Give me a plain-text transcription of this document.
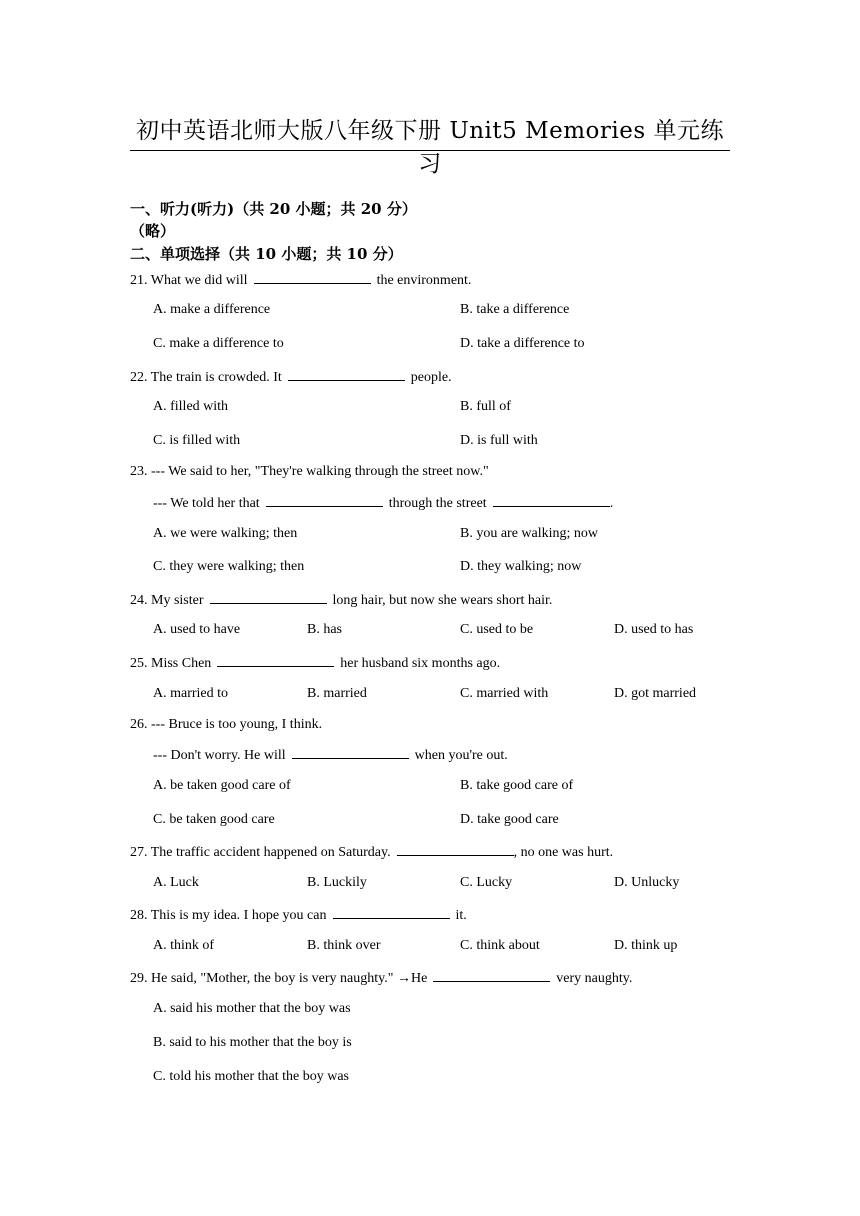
初中英语北师大版八年级下册 Unit5 Memories 单元练习
一、听力(听力)（共 20 小题；共 20 分）
（略）
二、单项选择（共 10 小题；共 10 分）
21. What we did will	the environment.
A. make a difference	B. take a difference
C. make a difference to	D. take a difference to
22. The train is crowded. It	people.
A. filled with	B. full of
C. is filled with	D. is full with
23. --- We said to her, "They're walking through the street now."
--- We told her that	through the street	.
A. we were walking; then	B. you are walking; now
C. they were walking; then	D. they walking; now
24. My sister	long hair, but now she wears short hair.
A. used to have	B. has	C. used to be	D. used to has
25. Miss Chen	her husband six months ago.
A. married to	B. married	C. married with	D. got married
26. --- Bruce is too young, I think.
--- Don't worry. He will	when you're out.
A. be taken good care of	B. take good care of
C. be taken good care	D. take good care
27. The traffic accident happened on Saturday.	, no one was hurt.
A. Luck	B. Luckily	C. Lucky	D. Unlucky
28. This is my idea. I hope you can	it.
A. think of	B. think over	C. think about	D. think up
29. He said, "Mother, the boy is very naughty." →He	very naughty.
A. said his mother that the boy was
B. said to his mother that the boy is
C. told his mother that the boy was
